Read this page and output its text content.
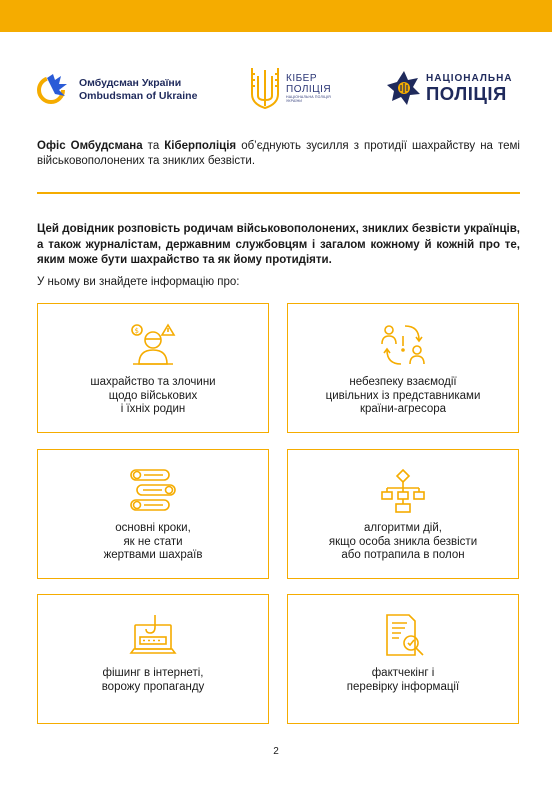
Омбудсман України
Ombudsman of Ukraine
КІБЕР
ПОЛІЦІЯ
НАЦІОНАЛЬНА ПОЛІЦІЯ
УКРАЇНИ
НАЦІОНАЛЬНА
ПОЛІЦІЯ
Офіс Омбудсмана та Кіберполіція об’єднують зусилля з протидії шахрайству на темі військовополонених та зниклих безвісти.
Цей довідник розповість родичам військовополонених, зниклих безвісти українців, а також журналістам, державним службовцям і загалом кожному й кожній про те, яким може бути шахрайство та як йому протидіяти.
У ньому ви знайдете інформацію про:
$
шахрайство та злочини
щодо військових
і їхніх родин
небезпеку взаємодії
цивільних із представниками
країни-агресора
основні кроки,
як не стати
жертвами шахраїв
алгоритми дій,
якщо особа зникла безвісти
або потрапила в полон
фішинг в інтернеті,
ворожу пропаганду
фактчекінг і
перевірку інформації
2
